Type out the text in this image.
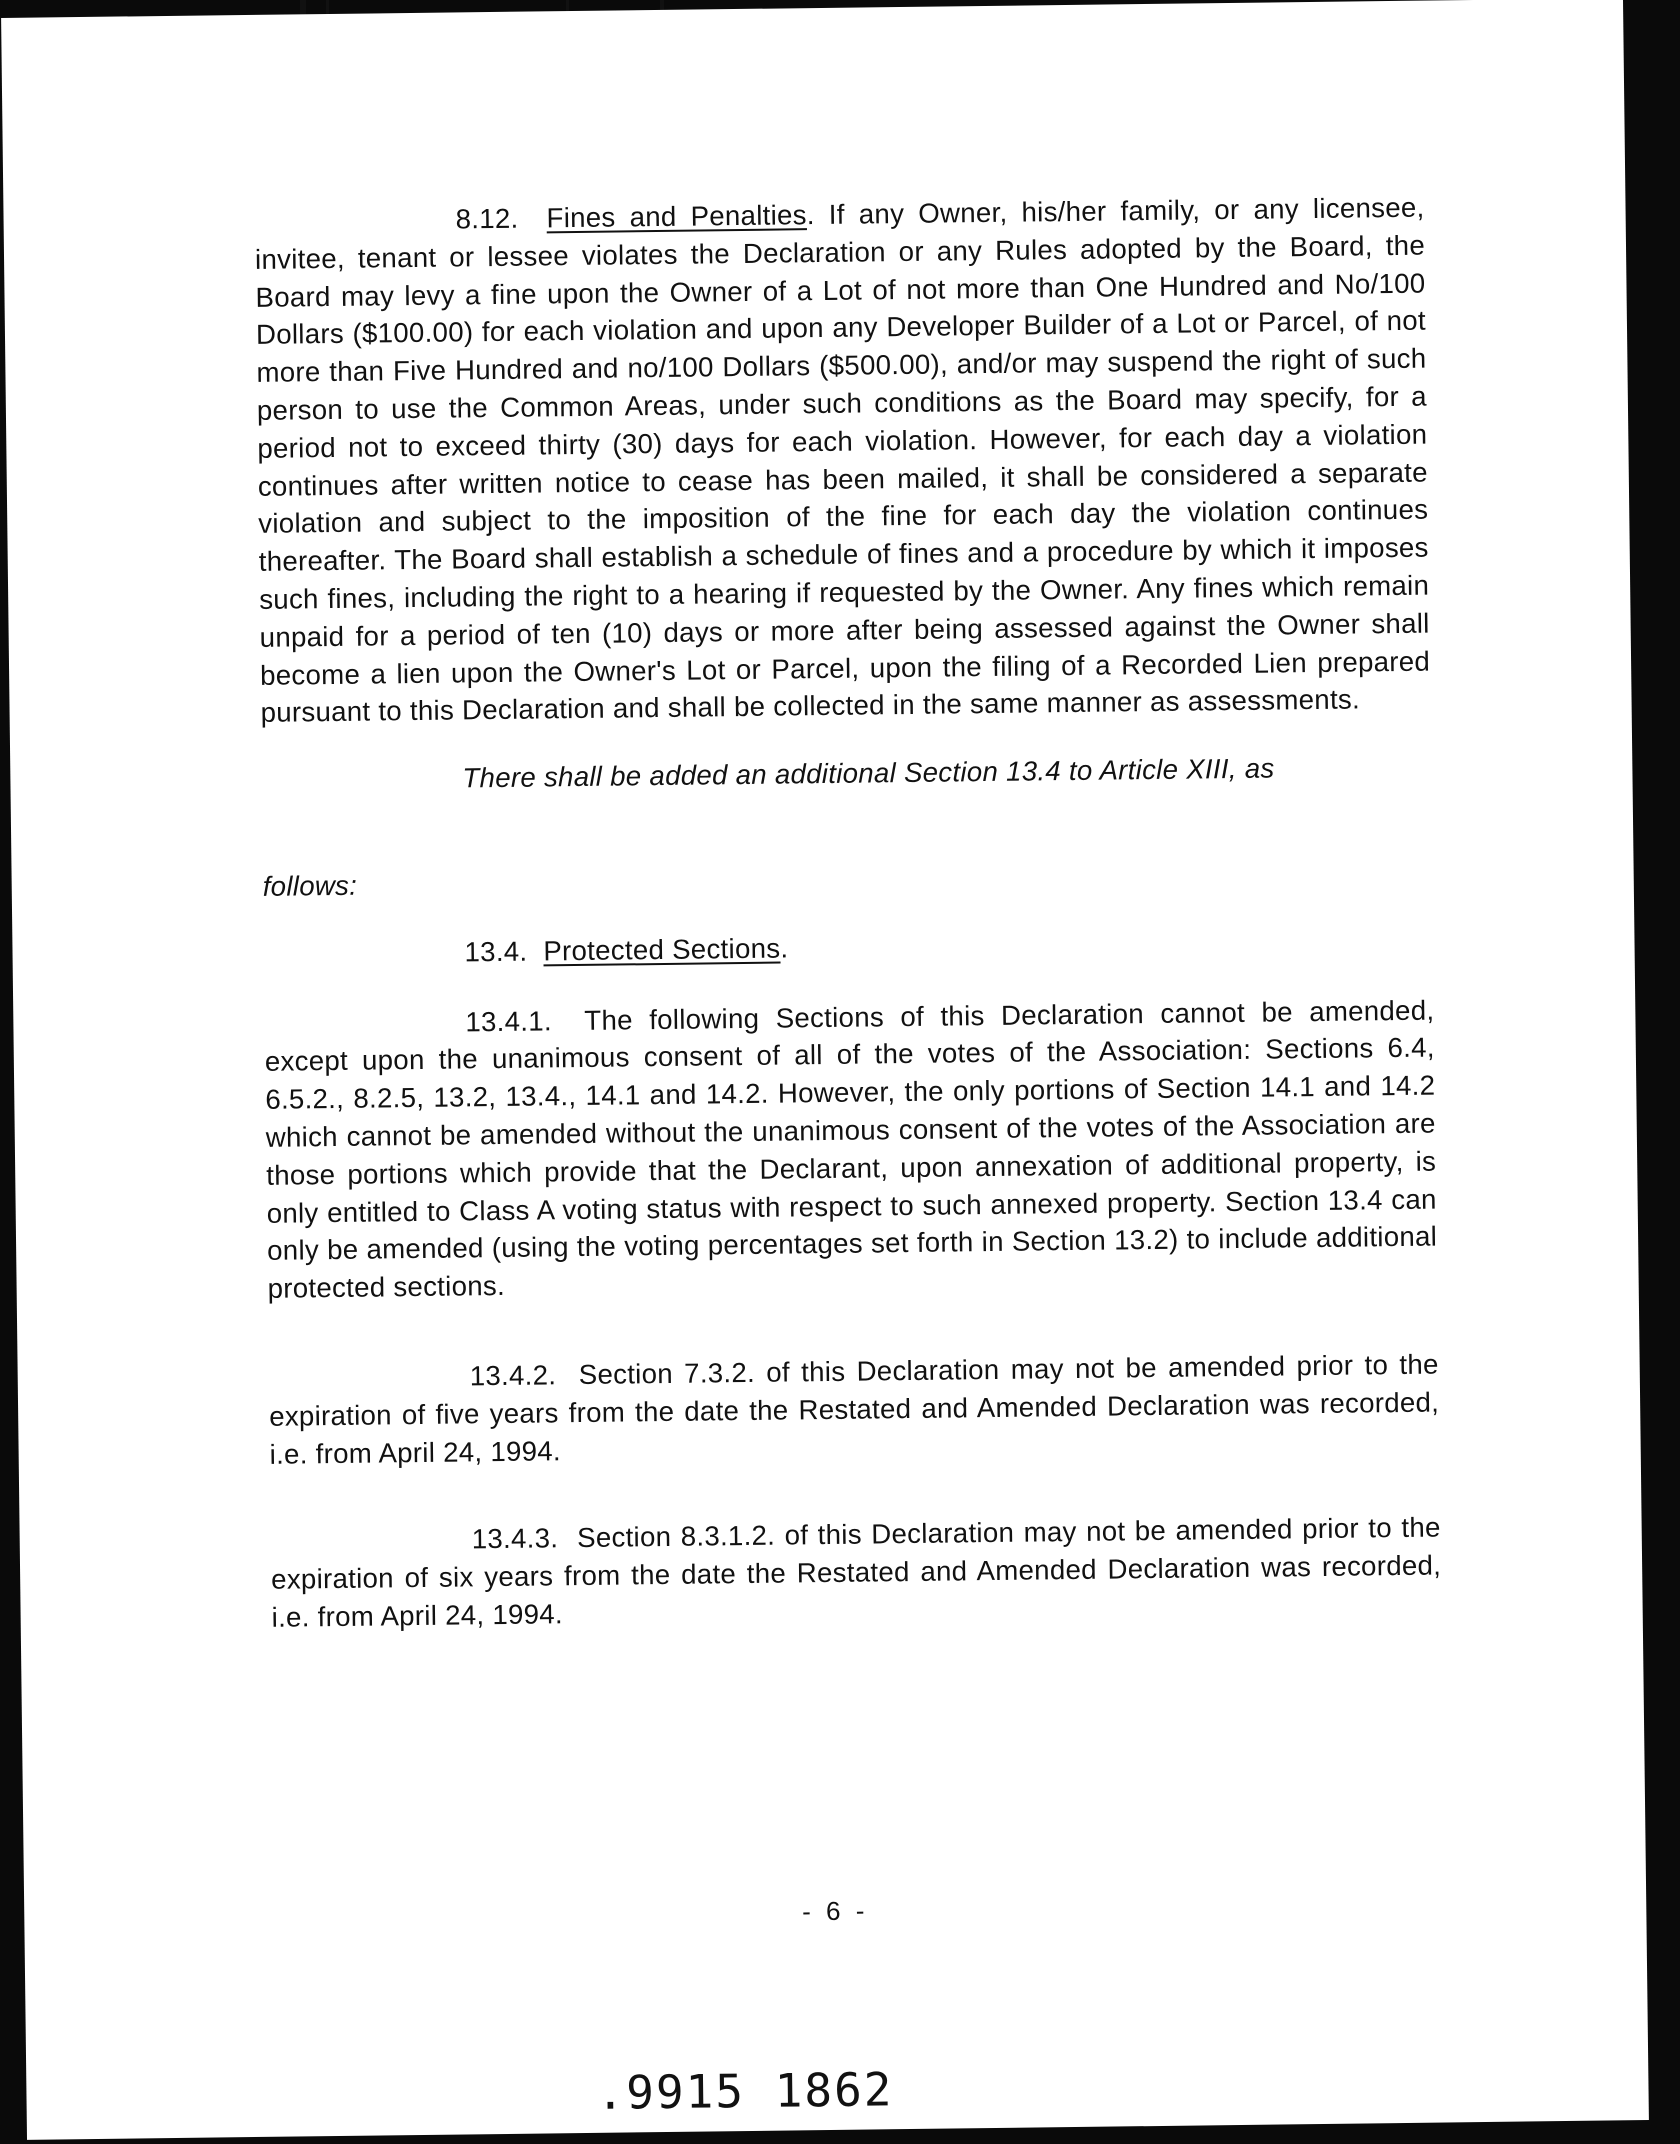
8.12. Fines and Penalties. If any Owner, his/her family, or any licensee, invitee, tenant or lessee violates the Declaration or any Rules adopted by the Board, the Board may levy a fine upon the Owner of a Lot of not more than One Hundred and No/100 Dollars ($100.00) for each violation and upon any Developer Builder of a Lot or Parcel, of not more than Five Hundred and no/100 Dollars ($500.00), and/or may suspend the right of such person to use the Common Areas, under such conditions as the Board may specify, for a period not to exceed thirty (30) days for each violation. However, for each day a violation continues after written notice to cease has been mailed, it shall be considered a separate violation and subject to the imposition of the fine for each day the violation continues thereafter. The Board shall establish a schedule of fines and a procedure by which it imposes such fines, including the right to a hearing if requested by the Owner. Any fines which remain unpaid for a period of ten (10) days or more after being assessed against the Owner shall become a lien upon the Owner's Lot or Parcel, upon the filing of a Recorded Lien prepared pursuant to this Declaration and shall be collected in the same manner as assessments.

There shall be added an additional Section 13.4 to Article XIII, as

follows:

13.4. Protected Sections.

13.4.1. The following Sections of this Declaration cannot be amended, except upon the unanimous consent of all of the votes of the Association: Sections 6.4, 6.5.2., 8.2.5, 13.2, 13.4., 14.1 and 14.2. However, the only portions of Section 14.1 and 14.2 which cannot be amended without the unanimous consent of the votes of the Association are those portions which provide that the Declarant, upon annexation of additional property, is only entitled to Class A voting status with respect to such annexed property. Section 13.4 can only be amended (using the voting percentages set forth in Section 13.2) to include additional protected sections.

13.4.2. Section 7.3.2. of this Declaration may not be amended prior to the expiration of five years from the date the Restated and Amended Declaration was recorded, i.e. from April 24, 1994.

13.4.3. Section 8.3.1.2. of this Declaration may not be amended prior to the expiration of six years from the date the Restated and Amended Declaration was recorded, i.e. from April 24, 1994.

- 6 -
.9915 1862
